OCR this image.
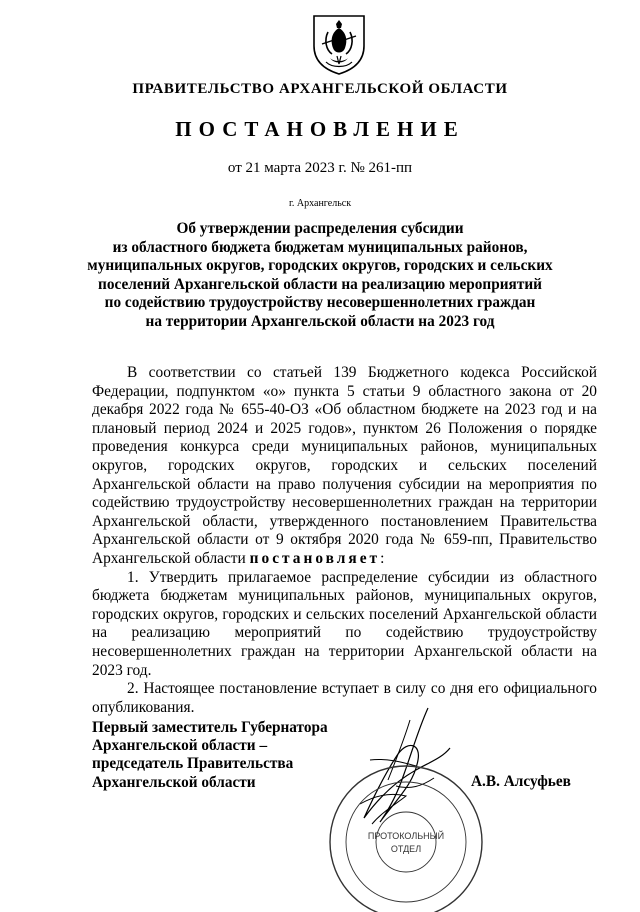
ПРАВИТЕЛЬСТВО АРХАНГЕЛЬСКОЙ ОБЛАСТИ
ПОСТАНОВЛЕНИЕ
от 21 марта 2023 г. № 261-пп
г. Архангельск
Об утверждении распределения субсидии
из областного бюджета бюджетам муниципальных районов,
муниципальных округов, городских округов, городских и сельских
поселений Архангельской области на реализацию мероприятий
по содействию трудоустройству несовершеннолетних граждан
на территории Архангельской области на 2023 год

В соответствии со статьей 139 Бюджетного кодекса Российской Федерации, подпунктом «о» пункта 5 статьи 9 областного закона от 20 декабря 2022 года № 655-40-ОЗ «Об областном бюджете на 2023 год и на плановый период 2024 и 2025 годов», пунктом 26 Положения о порядке проведения конкурса среди муниципальных районов, муниципальных округов, городских округов, городских и сельских поселений Архангельской области на право получения субсидии на мероприятия по содействию трудоустройству несовершеннолетних граждан на территории Архангельской области, утвержденного постановлением Правительства Архангельской области от 9 октября 2020 года № 659-пп, Правительство Архангельской области постановляет:

1. Утвердить прилагаемое распределение субсидии из областного бюджета бюджетам муниципальных районов, муниципальных округов, городских округов, городских и сельских поселений Архангельской области на реализацию мероприятий по содействию трудоустройству несовершеннолетних граждан на территории Архангельской области на 2023 год.

2. Настоящее постановление вступает в силу со дня его официального опубликования.

ПРОТОКОЛЬНЫЙ
ОТДЕЛ
Первый заместитель Губернатора
Архангельской области –
председатель Правительства
Архангельской области	А.В. Алсуфьев
